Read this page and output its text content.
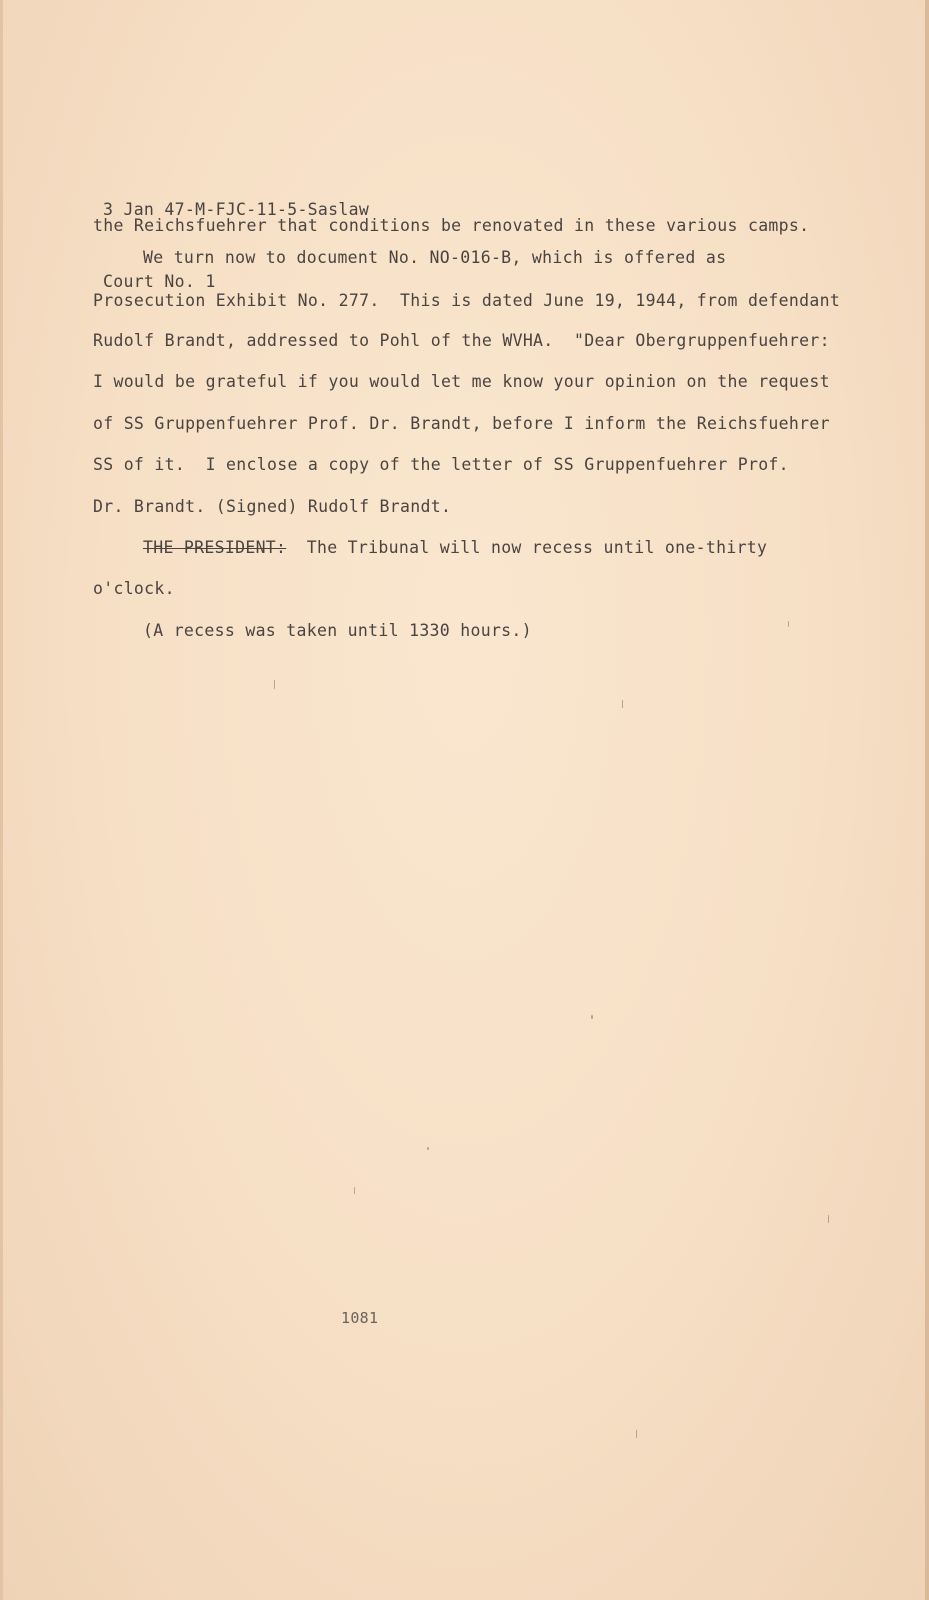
3 Jan 47-M-FJC-11-5-Saslaw

Court No. 1

the Reichsfuehrer that conditions be renovated in these various camps.
We turn now to document No. NO-016-B, which is offered as
Prosecution Exhibit No. 277.  This is dated June 19, 1944, from defendant
Rudolf Brandt, addressed to Pohl of the WVHA.  "Dear Obergruppenfuehrer:
I would be grateful if you would let me know your opinion on the request
of SS Gruppenfuehrer Prof. Dr. Brandt, before I inform the Reichsfuehrer
SS of it.  I enclose a copy of the letter of SS Gruppenfuehrer Prof.
Dr. Brandt. (Signed) Rudolf Brandt.
THE PRESIDENT:  The Tribunal will now recess until one-thirty
o'clock.
(A recess was taken until 1330 hours.)
1081
